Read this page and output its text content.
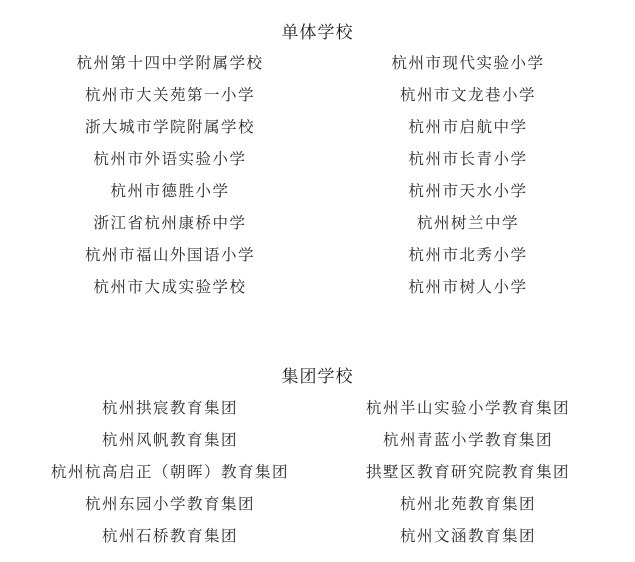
单体学校
杭州第十四中学附属学校
杭州市大关苑第一小学
浙大城市学院附属学校
杭州市外语实验小学
杭州市德胜小学
浙江省杭州康桥中学
杭州市福山外国语小学
杭州市大成实验学校
杭州市现代实验小学
杭州市文龙巷小学
杭州市启航中学
杭州市长青小学
杭州市天水小学
杭州树兰中学
杭州市北秀小学
杭州市树人小学
集团学校
杭州拱宸教育集团
杭州风帆教育集团
杭州杭高启正（朝晖）教育集团
杭州东园小学教育集团
杭州石桥教育集团
杭州半山实验小学教育集团
杭州青蓝小学教育集团
拱墅区教育研究院教育集团
杭州北苑教育集团
杭州文涵教育集团
